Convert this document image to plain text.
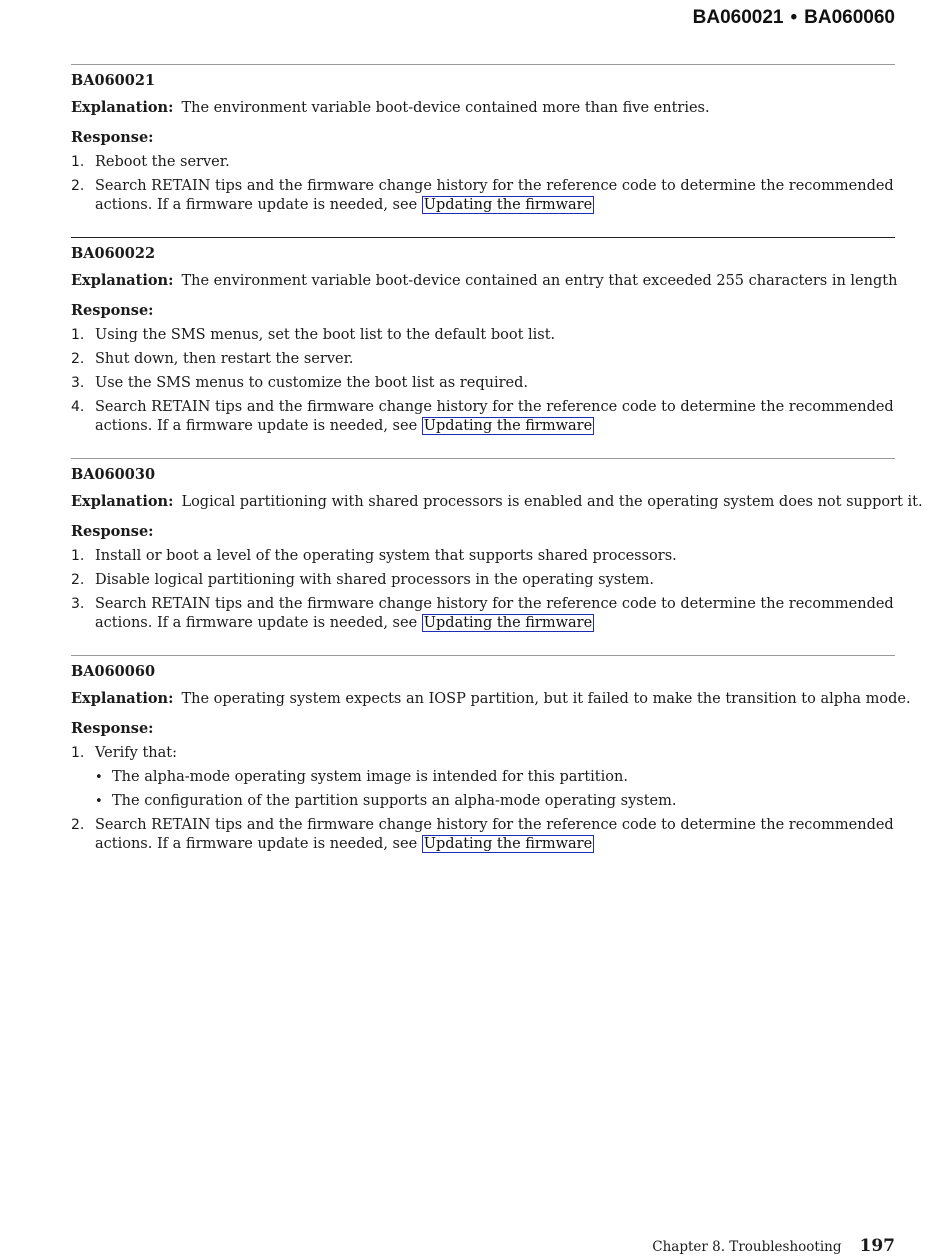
BA060021 • BA060060
BA060021
Explanation: The environment variable boot-device contained more than five entries.
Response:
1. Reboot the server.
2. Search RETAIN tips and the firmware change history for the reference code to determine the recommended actions. If a firmware update is needed, see Updating the firmware
BA060022
Explanation: The environment variable boot-device contained an entry that exceeded 255 characters in length
Response:
1. Using the SMS menus, set the boot list to the default boot list.
2. Shut down, then restart the server.
3. Use the SMS menus to customize the boot list as required.
4. Search RETAIN tips and the firmware change history for the reference code to determine the recommended actions. If a firmware update is needed, see Updating the firmware
BA060030
Explanation: Logical partitioning with shared processors is enabled and the operating system does not support it.
Response:
1. Install or boot a level of the operating system that supports shared processors.
2. Disable logical partitioning with shared processors in the operating system.
3. Search RETAIN tips and the firmware change history for the reference code to determine the recommended actions. If a firmware update is needed, see Updating the firmware
BA060060
Explanation: The operating system expects an IOSP partition, but it failed to make the transition to alpha mode.
Response:
1. Verify that:
• The alpha-mode operating system image is intended for this partition.
• The configuration of the partition supports an alpha-mode operating system.
2. Search RETAIN tips and the firmware change history for the reference code to determine the recommended actions. If a firmware update is needed, see Updating the firmware
Chapter 8. Troubleshooting 197
